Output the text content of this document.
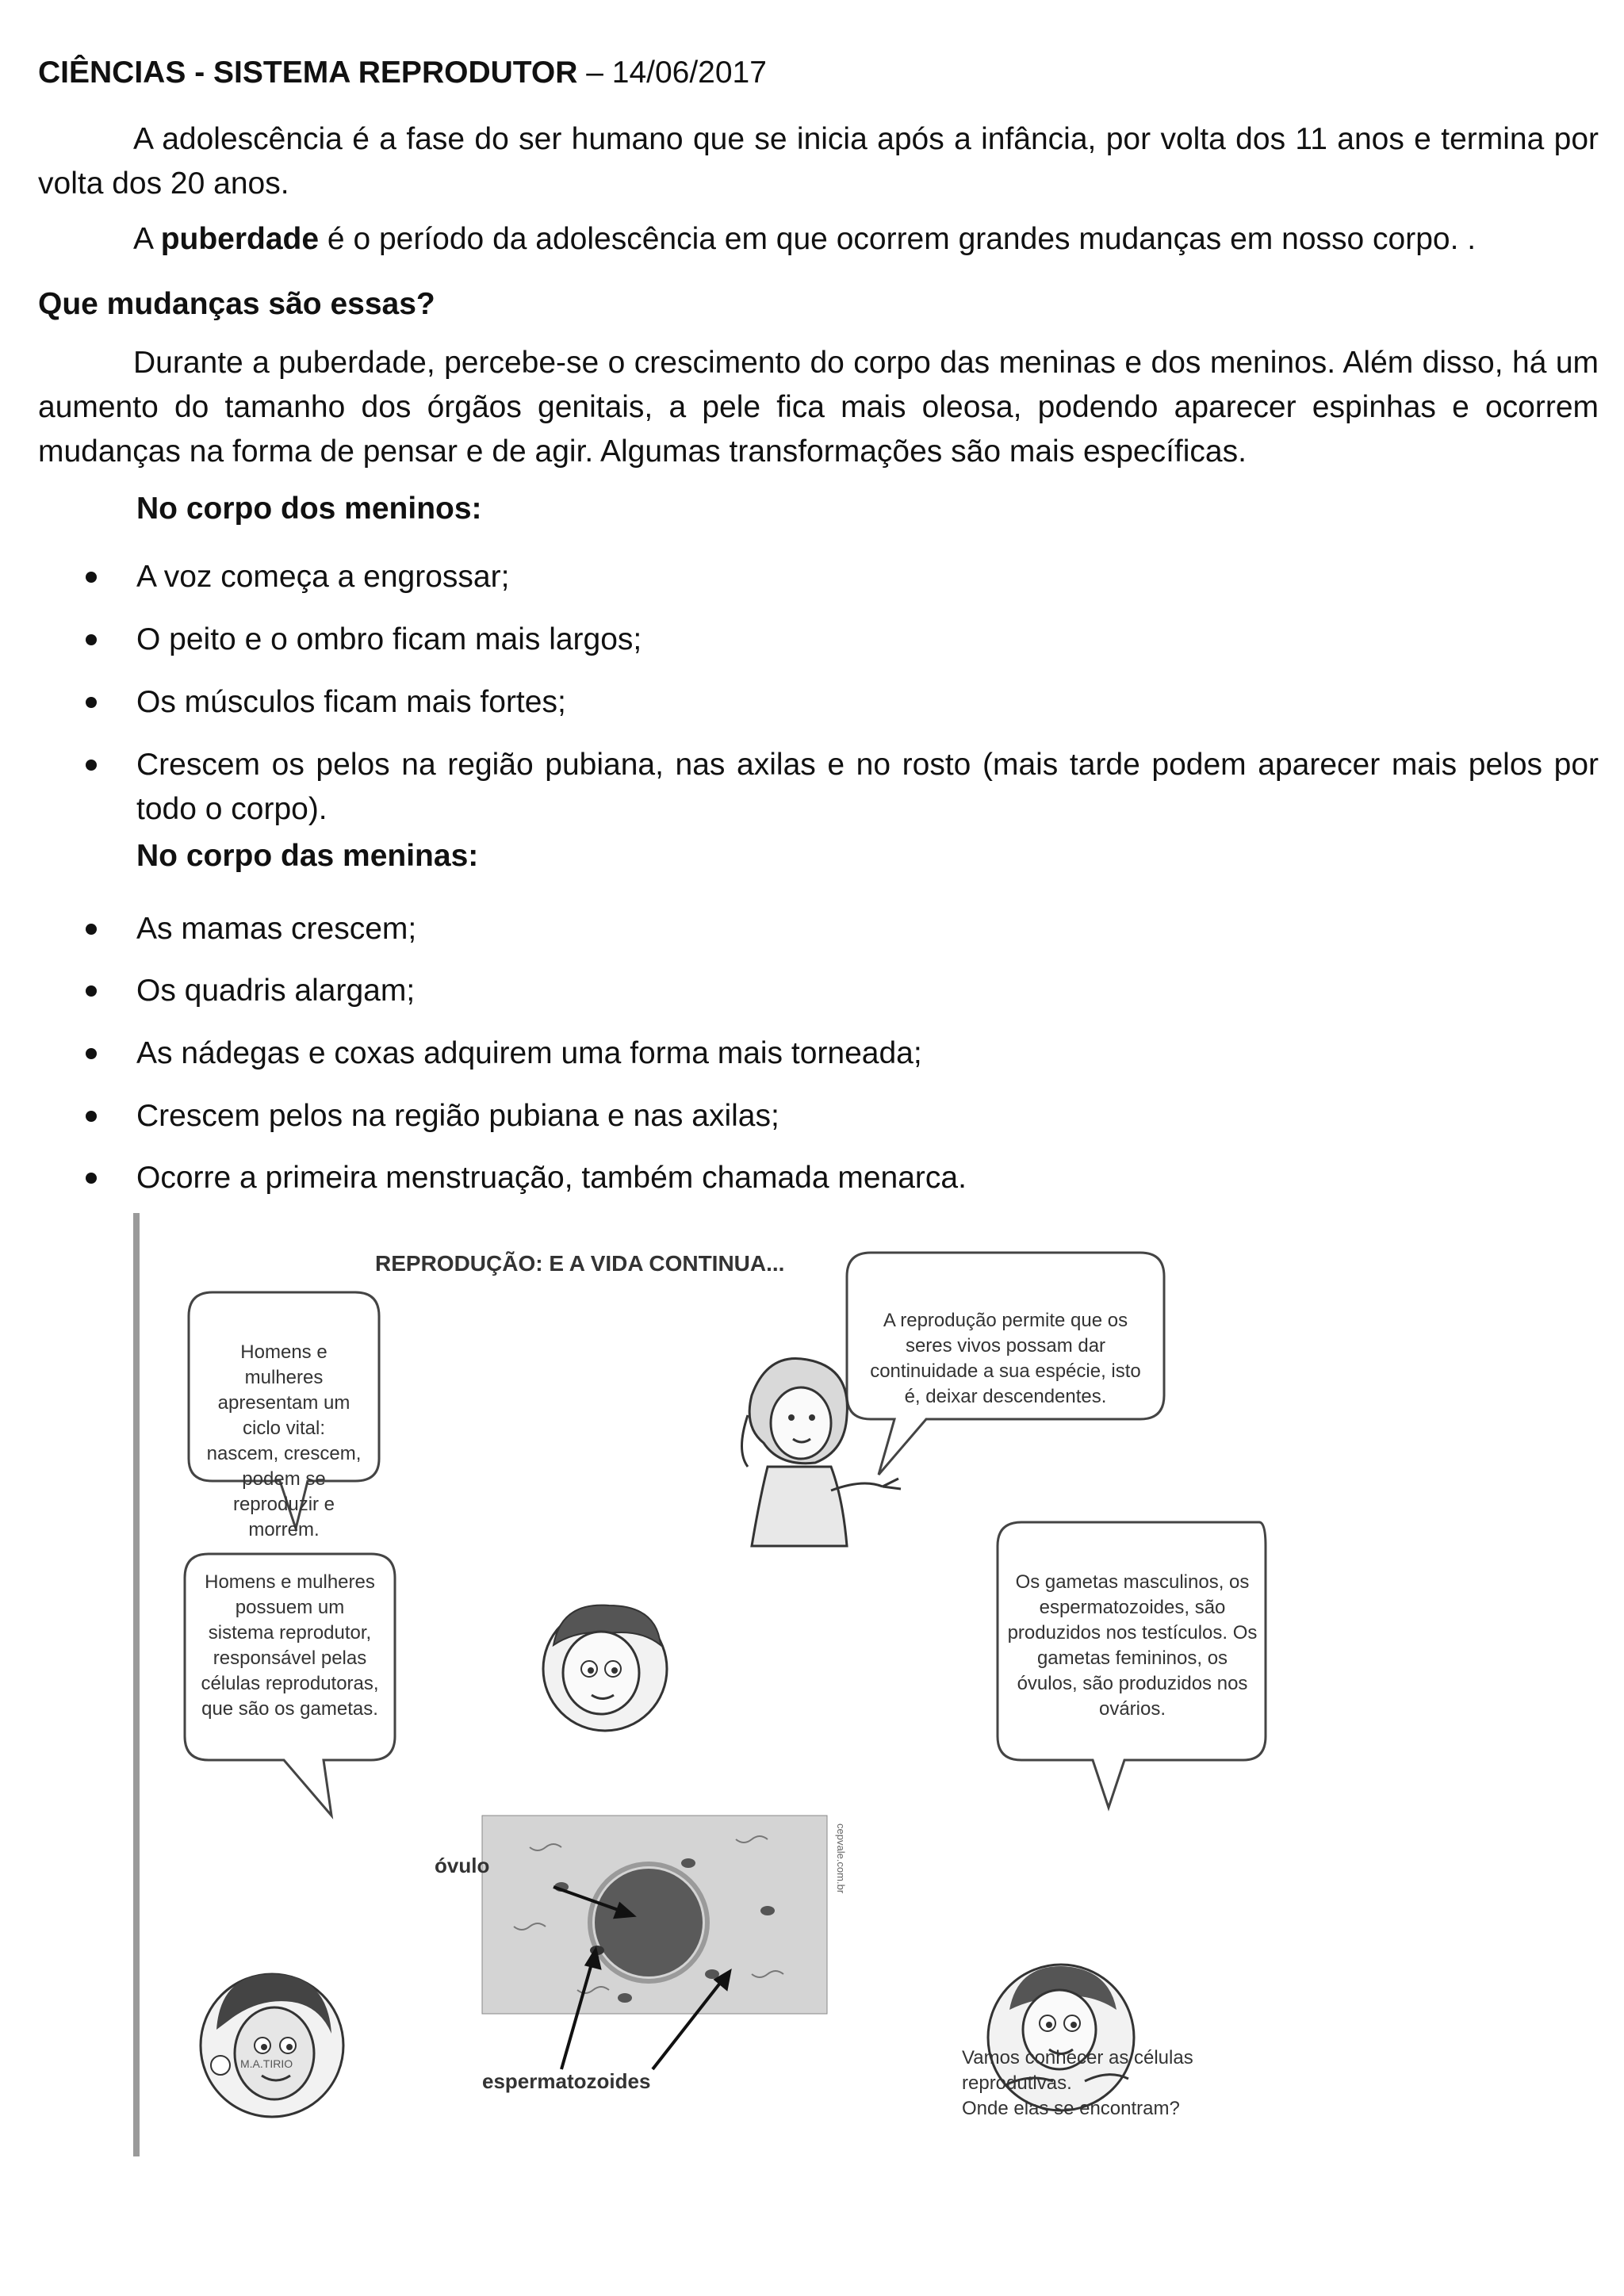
CIÊNCIAS - SISTEMA REPRODUTOR – 14/06/2017
A adolescência é a fase do ser humano que se inicia após a infância, por volta dos 11 anos e termina por volta dos 20 anos.
A puberdade é o período da adolescência em que ocorrem grandes mudanças em nosso corpo. .
Que mudanças são essas?
Durante a puberdade, percebe-se o crescimento do corpo das meninas e dos meninos. Além disso, há um aumento do tamanho dos órgãos genitais, a pele fica mais oleosa, podendo aparecer espinhas e ocorrem mudanças na forma de pensar e de agir. Algumas transformações são mais específicas.
No corpo dos meninos:
A voz começa a engrossar;
O peito e o ombro ficam mais largos;
Os músculos ficam mais fortes;
Crescem os pelos na região pubiana, nas axilas e no rosto (mais tarde podem aparecer mais pelos por todo o corpo).
No corpo das meninas:
As mamas crescem;
Os quadris alargam;
As nádegas e coxas adquirem uma forma mais torneada;
Crescem pelos na região pubiana e nas axilas;
Ocorre a primeira menstruação, também chamada menarca.
REPRODUÇÃO: E A VIDA CONTINUA...
Homens e mulheres apresentam um ciclo vital: nascem, crescem, podem se reproduzir e morrem.
A reprodução permite que os seres vivos possam dar continuidade a sua espécie, isto é, deixar descendentes.
Homens e mulheres possuem um sistema reprodutor, responsável pelas células reprodutoras, que são os gametas.
Os gametas masculinos, os espermatozoides, são produzidos nos testículos. Os gametas femininos, os óvulos, são produzidos nos ovários.
óvulo
espermatozoides
cepvale.com.br
M.A.TIRIO	Vamos conhecer as células
reprodutivas.
Onde elas se encontram?
